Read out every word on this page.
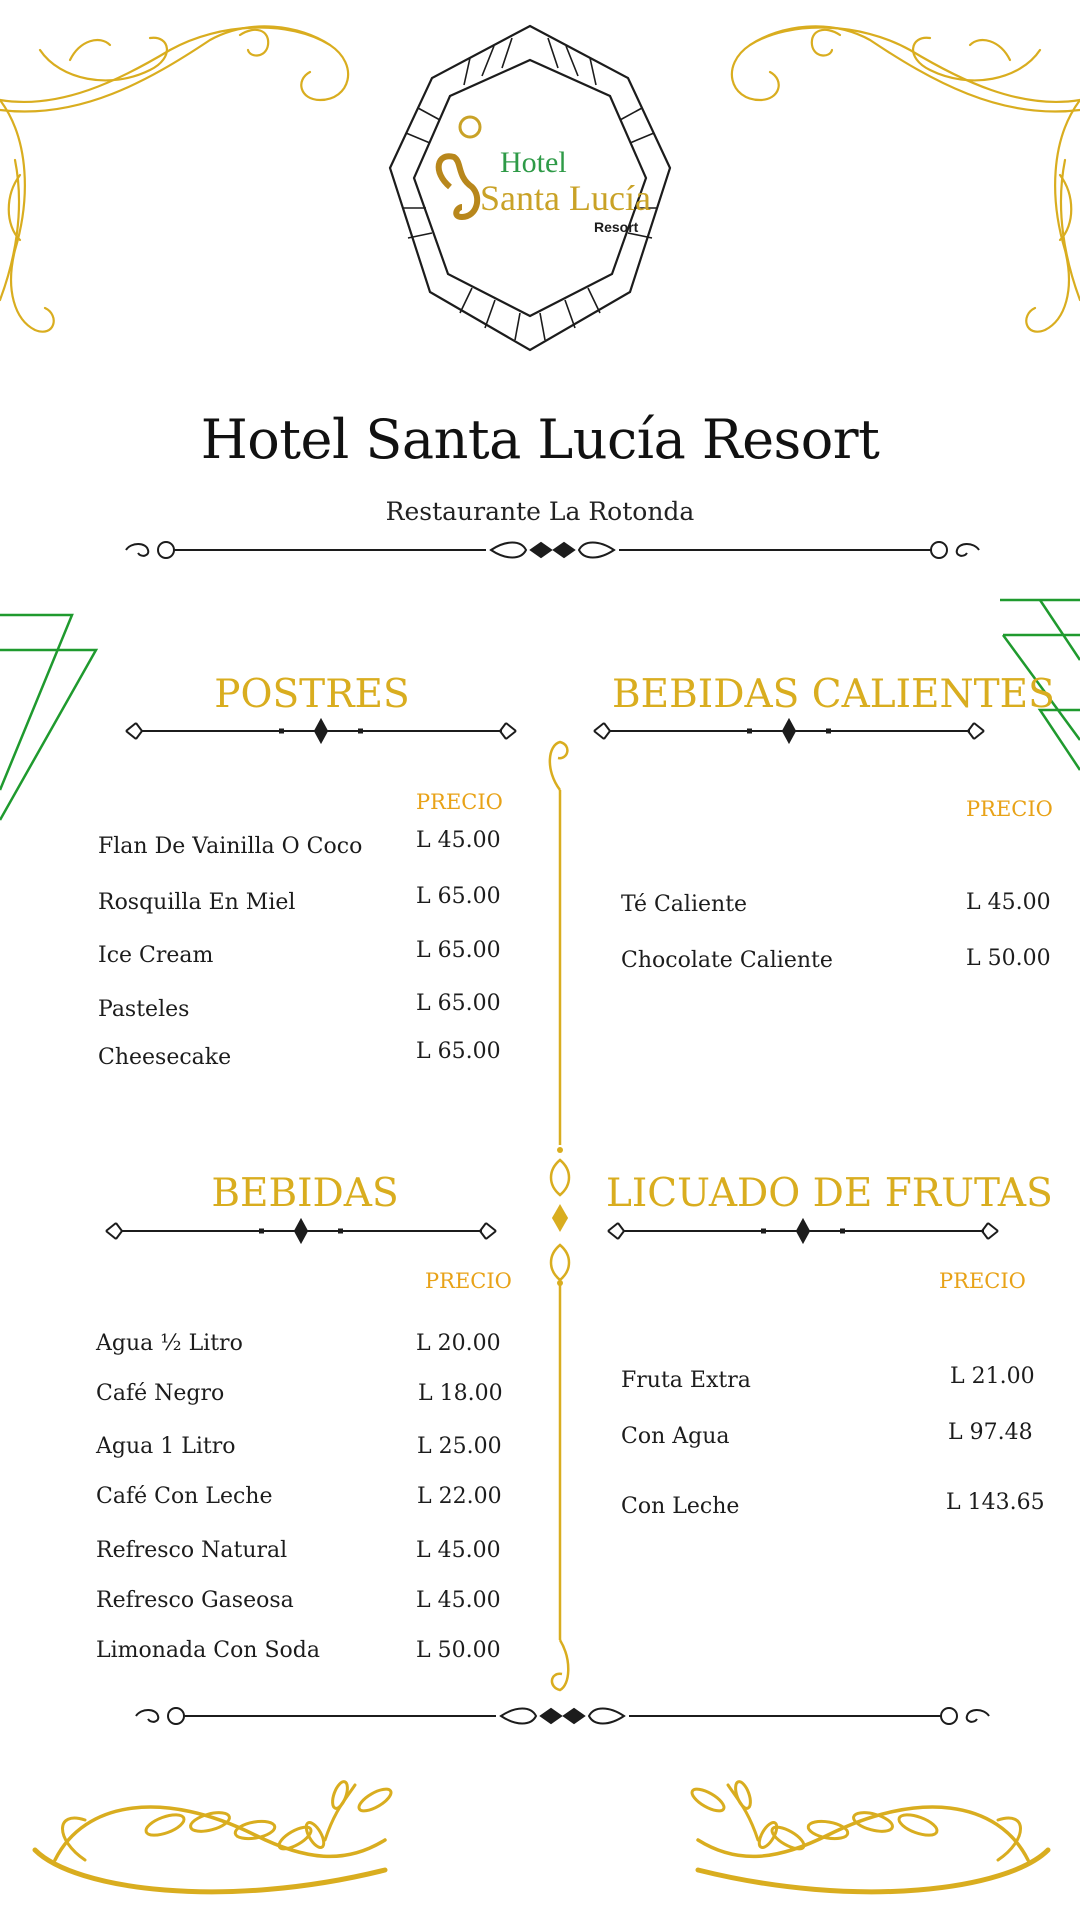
Hotel
Santa Lucía
Resort
Hotel Santa Lucía Resort
Restaurante La Rotonda
POSTRES
PRECIO
Flan De Vainilla O Coco L 45.00
Rosquilla En Miel	L 65.00
Ice Cream	L 65.00
Pasteles	L 65.00
Cheesecake	L 65.00
BEBIDAS CALIENTES
PRECIO
Té Caliente	L 45.00
Chocolate Caliente	L 50.00
BEBIDAS
PRECIO
Agua ½ Litro	L 20.00
Café Negro	L 18.00
Agua 1 Litro	L 25.00
Café Con Leche	L 22.00
Refresco Natural	L 45.00
Refresco Gaseosa	L 45.00
Limonada Con Soda	L 50.00
LICUADO DE FRUTAS
PRECIO
Fruta Extra	L 21.00
Con Agua	L 97.48
Con Leche	L 143.65
